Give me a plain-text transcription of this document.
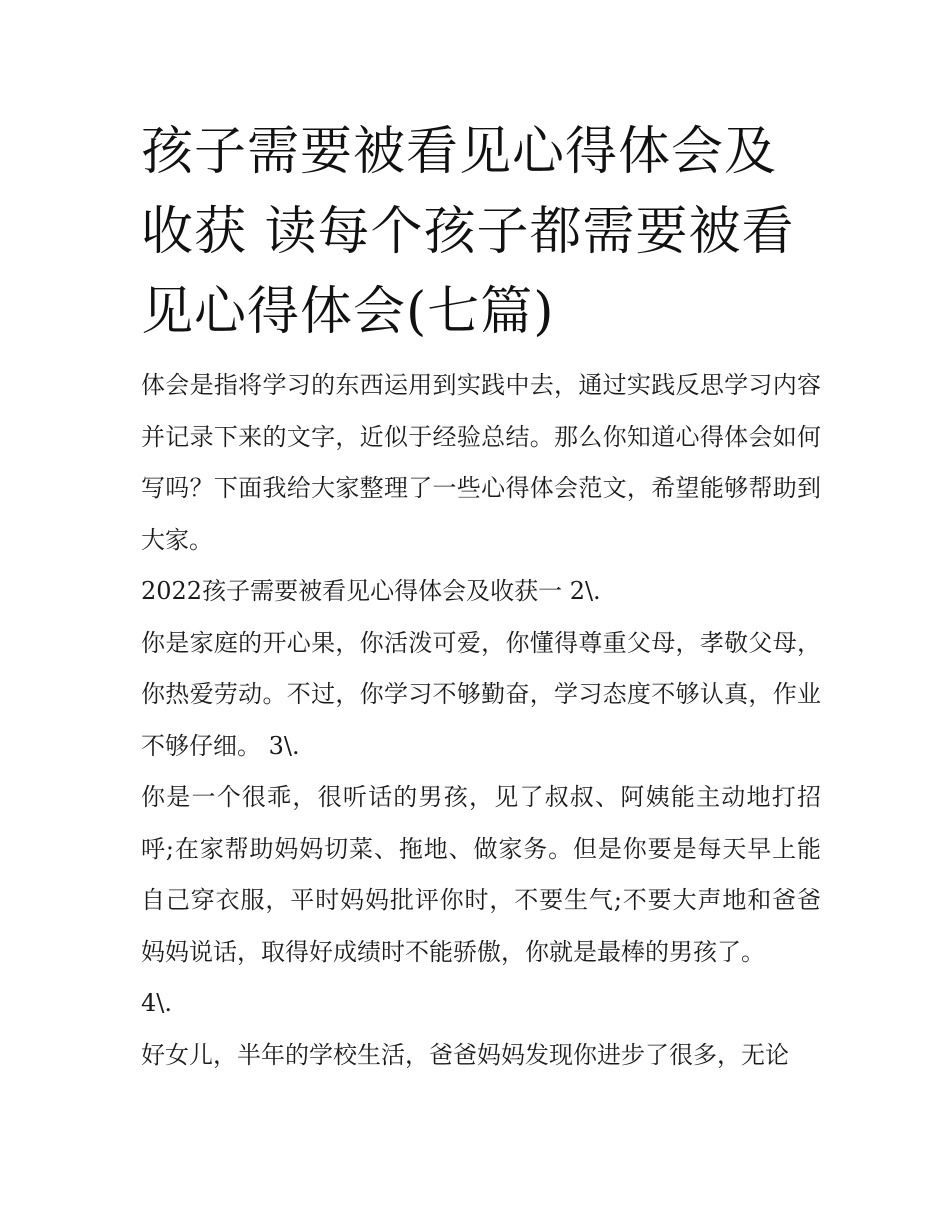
孩子需要被看见心得体会及收获 读每个孩子都需要被看见心得体会(七篇)

体会是指将学习的东西运用到实践中去，通过实践反思学习内容并记录下来的文字，近似于经验总结。那么你知道心得体会如何写吗？下面我给大家整理了一些心得体会范文，希望能够帮助到大家。

2022孩子需要被看见心得体会及收获一 2\.

你是家庭的开心果，你活泼可爱，你懂得尊重父母，孝敬父母，你热爱劳动。不过，你学习不够勤奋，学习态度不够认真，作业不够仔细。 3\.

你是一个很乖，很听话的男孩，见了叔叔、阿姨能主动地打招呼;在家帮助妈妈切菜、拖地、做家务。但是你要是每天早上能自己穿衣服，平时妈妈批评你时，不要生气;不要大声地和爸爸妈妈说话，取得好成绩时不能骄傲，你就是最棒的男孩了。

4\.

好女儿，半年的学校生活，爸爸妈妈发现你进步了很多，无论
